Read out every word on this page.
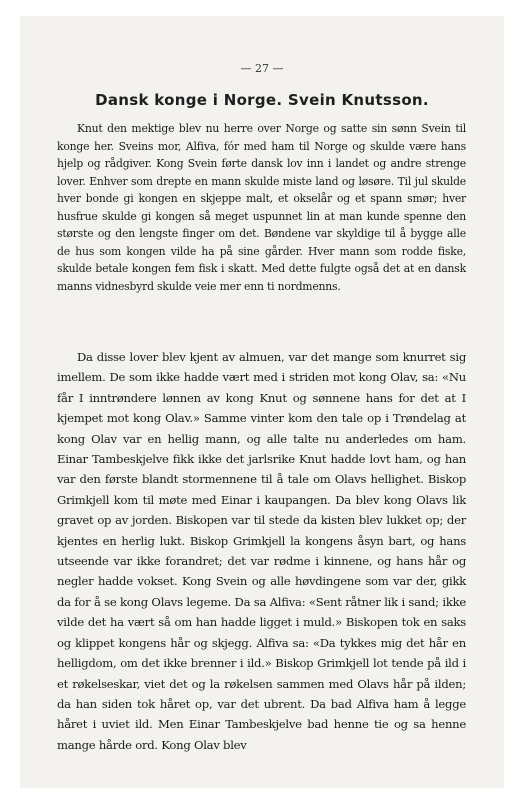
— 27 —
Dansk konge i Norge. Svein Knutsson.

Knut den mektige blev nu herre over Norge og satte sin sønn Svein til konge her. Sveins mor, Alfiva, fór med ham til Norge og skulde være hans hjelp og rådgiver. Kong Svein førte dansk lov inn i landet og andre strenge lover. Enhver som drepte en mann skulde miste land og løsøre. Til jul skulde hver bonde gi kongen en skjeppe malt, et okselår og et spann smør; hver husfrue skulde gi kongen så meget uspunnet lin at man kunde spenne den største og den lengste finger om det. Bøndene var skyldige til å bygge alle de hus som kongen vilde ha på sine gårder. Hver mann som rodde fiske, skulde betale kongen fem fisk i skatt. Med dette fulgte også det at en dansk manns vidnesbyrd skulde veie mer enn ti nordmenns.

Da disse lover blev kjent av almuen, var det mange som knurret sig imellem. De som ikke hadde vært med i striden mot kong Olav, sa: «Nu får I inntrønderе lønnen av kong Knut og sønnene hans for det at I kjempet mot kong Olav.» Samme vinter kom den tale op i Trøndelag at kong Olav var en hellig mann, og alle talte nu anderledes om ham. Einar Tambeskjelve fikk ikke det jarlsrike Knut hadde lovt ham, og han var den første blandt stormennene til å tale om Olavs hellighet. Biskop Grimkjell kom til møte med Einar i kaupangen. Da blev kong Olavs lik gravet op av jorden. Biskopen var til stede da kisten blev lukket op; der kjentes en herlig lukt. Biskop Grimkjell la kongens åsyn bart, og hans utseende var ikke forandret; det var rødme i kinnene, og hans hår og negler hadde vokset. Kong Svein og alle høvdingene som var der, gikk da for å se kong Olavs legeme. Da sa Alfiva: «Sent råtner lik i sand; ikke vilde det ha vært så om han hadde ligget i muld.» Biskopen tok en saks og klippet kongens hår og skjegg. Alfiva sa: «Da tykkes mig det hår en helligdom, om det ikke brenner i ild.» Biskop Grimkjell lot tende på ild i et røkelseskar, viet det og la røkelsen sammen med Olavs hår på ilden; da han siden tok håret op, var det ubrent. Da bad Alfiva ham å legge håret i uviet ild. Men Einar Tambeskjelve bad henne tie og sa henne mange hårde ord. Kong Olav blev
